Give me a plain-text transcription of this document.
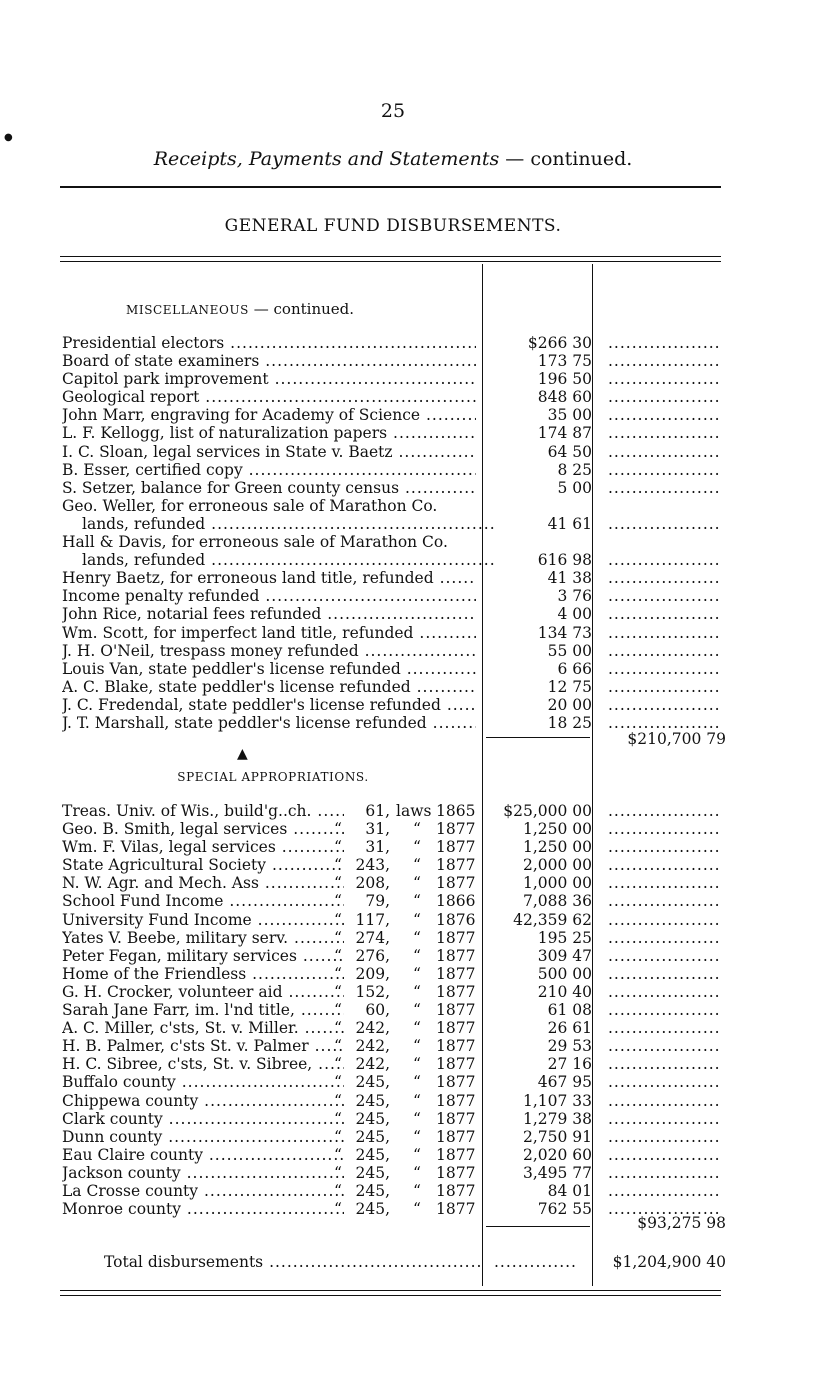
25
Receipts, Payments and Statements — continued.
GENERAL FUND DISBURSEMENTS.
MISCELLANEOUS — continued.
Presidential electors .....	$266 30
.....
Board of state examiners .....	173 75
.....
Capitol park improvement .....	196 50
.....
Geological report .....	848 60
.....
John Marr, engraving for Academy of Science .....	35 00
.....
L. F. Kellogg, list of naturalization papers .....	174 87
.....
I. C. Sloan, legal services in State v. Baetz .....	64 50
.....
B. Esser, certified copy .....	8 25
.....
S. Setzer, balance for Green county census .....	5 00
.....
Geo. Weller, for erroneous sale of Marathon Co.
lands, refunded .....	41 61
.....
Hall & Davis, for erroneous sale of Marathon Co.
lands, refunded .....	616 98
.....
Henry Baetz, for erroneous land title, refunded .....	41 38
.....
Income penalty refunded .....	3 76
.....
John Rice, notarial fees refunded .....	4 00
.....
Wm. Scott, for imperfect land title, refunded .....	134 73
.....
J. H. O'Neil, trespass money refunded .....	55 00
.....
Louis Van, state peddler's license refunded .....	6 66
.....
A. C. Blake, state peddler's license refunded .....	12 75
.....
J. C. Fredendal, state peddler's license refunded .....	20 00
.....
J. T. Marshall, state peddler's license refunded .....	18 25
.....
$210,700 79
▲
SPECIAL APPROPRIATIONS.
Treas. Univ. of Wis., build'g..ch. .....	61, laws 1865	$25,000 00
.....
Geo. B. Smith, legal services .....	“	31, “ 1877	1,250 00
.....
Wm. F. Vilas, legal services .....	“	31, “ 1877	1,250 00
.....
State Agricultural Society .....	“ 243, “ 1877	2,000 00
.....
N. W. Agr. and Mech. Ass .....	“ 208, “ 1877	1,000 00
.....
School Fund Income .....	“	79, “ 1866	7,088 36
.....
University Fund Income .....	“ 117, “ 1876	42,359 62
.....
Yates V. Beebe, military serv. .....	“ 274, “ 1877	195 25
.....
Peter Fegan, military services .....	“ 276, “ 1877	309 47
.....
Home of the Friendless .....	“ 209, “ 1877	500 00
.....
G. H. Crocker, volunteer aid .....	“ 152, “ 1877	210 40
.....
Sarah Jane Farr, im. l'nd title, .....	“	60, “ 1877	61 08
.....
A. C. Miller, c'sts, St. v. Miller. .....	“ 242, “ 1877	26 61
.....
H. B. Palmer, c'sts St. v. Palmer .....	“ 242, “ 1877	29 53
.....
H. C. Sibree, c'sts, St. v. Sibree, .....	“ 242, “ 1877	27 16
.....
Buffalo county .....	“ 245, “ 1877	467 95
.....
Chippewa county .....	“ 245, “ 1877	1,107 33
.....
Clark county .....	“ 245, “ 1877	1,279 38
.....
Dunn county .....	“ 245, “ 1877	2,750 91
.....
Eau Claire county .....	“ 245, “ 1877	2,020 60
.....
Jackson county .....	“ 245, “ 1877	3,495 77
.....
La Crosse county .....	“ 245, “ 1877	84 01
.....
Monroe county .....	“ 245, “ 1877	762 55
.....
$93,275 98
Total disbursements .....
.....	$1,204,900 40
●
